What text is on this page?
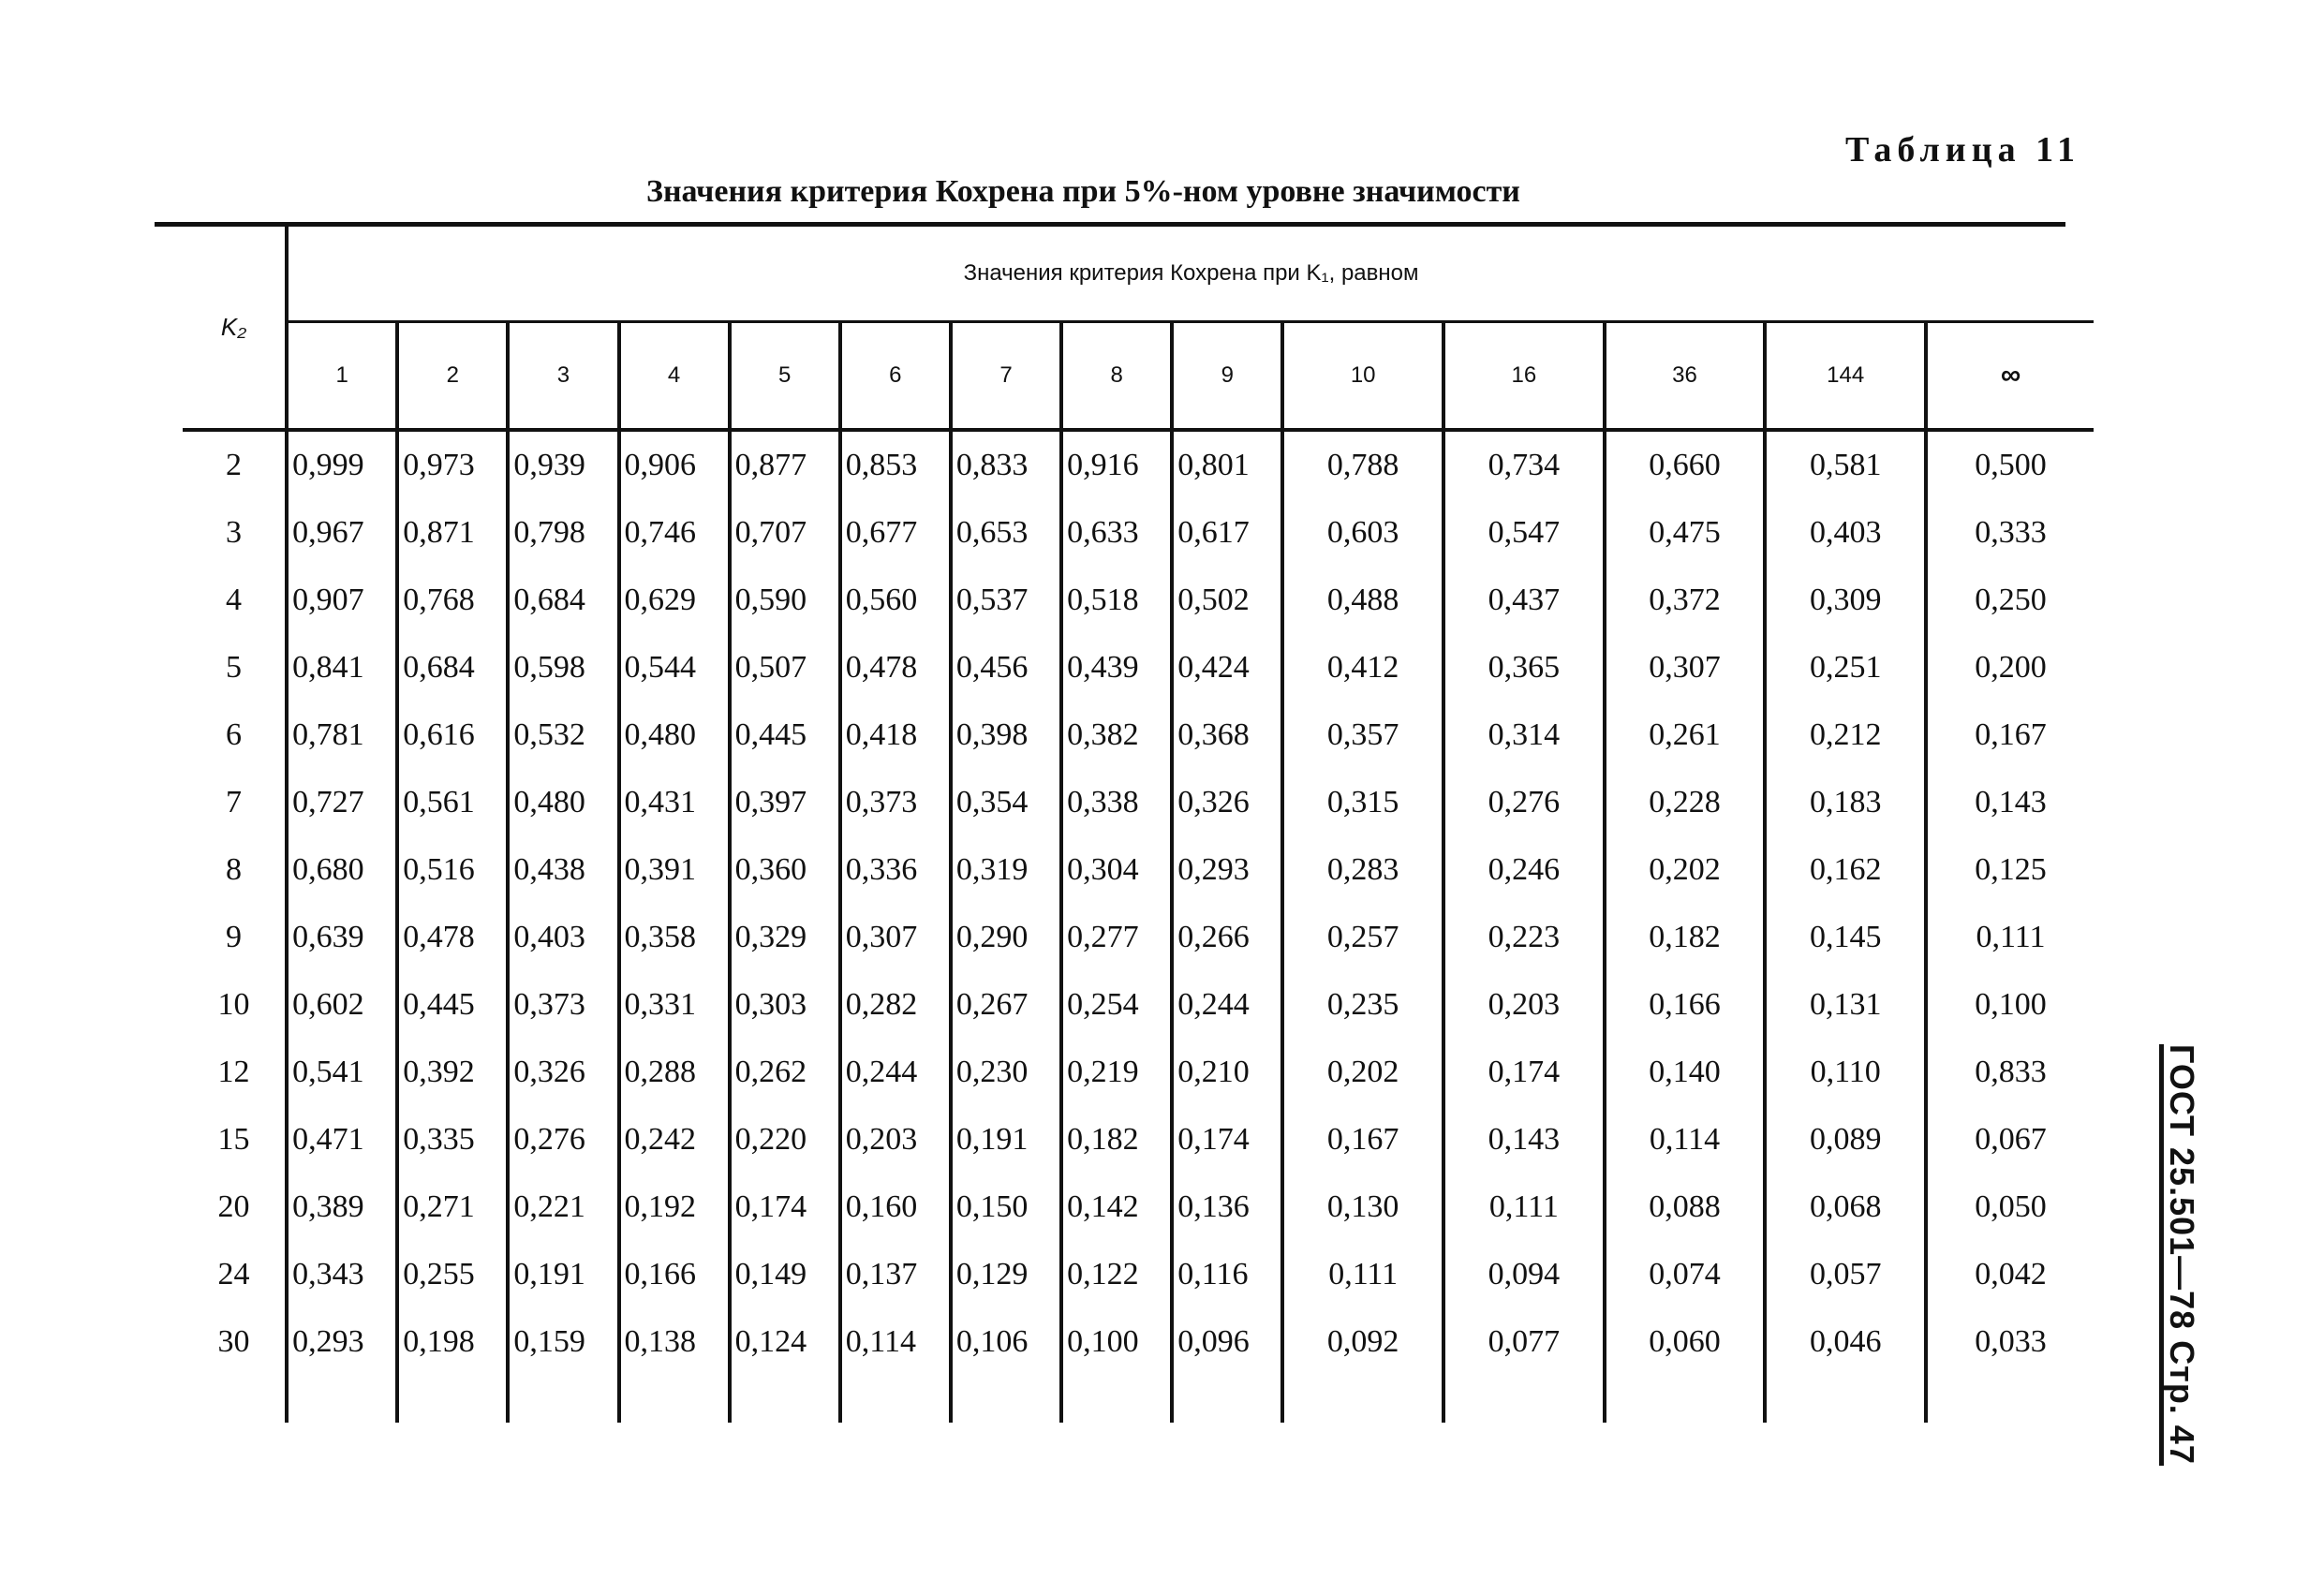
Таблица 11
Значения критерия Кохрена при 5%-ном уровне значимости
K₂	Значения критерия Кохрена при K₁, равном													
	1	2	3	4	5	6	7	8	9	10	16	36	144	∞

2	0,999	0,973	0,939	0,906	0,877	0,853	0,833	0,916	0,801	0,788	0,734	0,660	0,581	0,500
3	0,967	0,871	0,798	0,746	0,707	0,677	0,653	0,633	0,617	0,603	0,547	0,475	0,403	0,333
4	0,907	0,768	0,684	0,629	0,590	0,560	0,537	0,518	0,502	0,488	0,437	0,372	0,309	0,250
5	0,841	0,684	0,598	0,544	0,507	0,478	0,456	0,439	0,424	0,412	0,365	0,307	0,251	0,200
6	0,781	0,616	0,532	0,480	0,445	0,418	0,398	0,382	0,368	0,357	0,314	0,261	0,212	0,167
7	0,727	0,561	0,480	0,431	0,397	0,373	0,354	0,338	0,326	0,315	0,276	0,228	0,183	0,143
8	0,680	0,516	0,438	0,391	0,360	0,336	0,319	0,304	0,293	0,283	0,246	0,202	0,162	0,125
9	0,639	0,478	0,403	0,358	0,329	0,307	0,290	0,277	0,266	0,257	0,223	0,182	0,145	0,111
10	0,602	0,445	0,373	0,331	0,303	0,282	0,267	0,254	0,244	0,235	0,203	0,166	0,131	0,100
12	0,541	0,392	0,326	0,288	0,262	0,244	0,230	0,219	0,210	0,202	0,174	0,140	0,110	0,833
15	0,471	0,335	0,276	0,242	0,220	0,203	0,191	0,182	0,174	0,167	0,143	0,114	0,089	0,067
20	0,389	0,271	0,221	0,192	0,174	0,160	0,150	0,142	0,136	0,130	0,111	0,088	0,068	0,050
24	0,343	0,255	0,191	0,166	0,149	0,137	0,129	0,122	0,116	0,111	0,094	0,074	0,057	0,042
30	0,293	0,198	0,159	0,138	0,124	0,114	0,106	0,100	0,096	0,092	0,077	0,060	0,046	0,033
															ГОСТ 25.501—78 Стр. 47
